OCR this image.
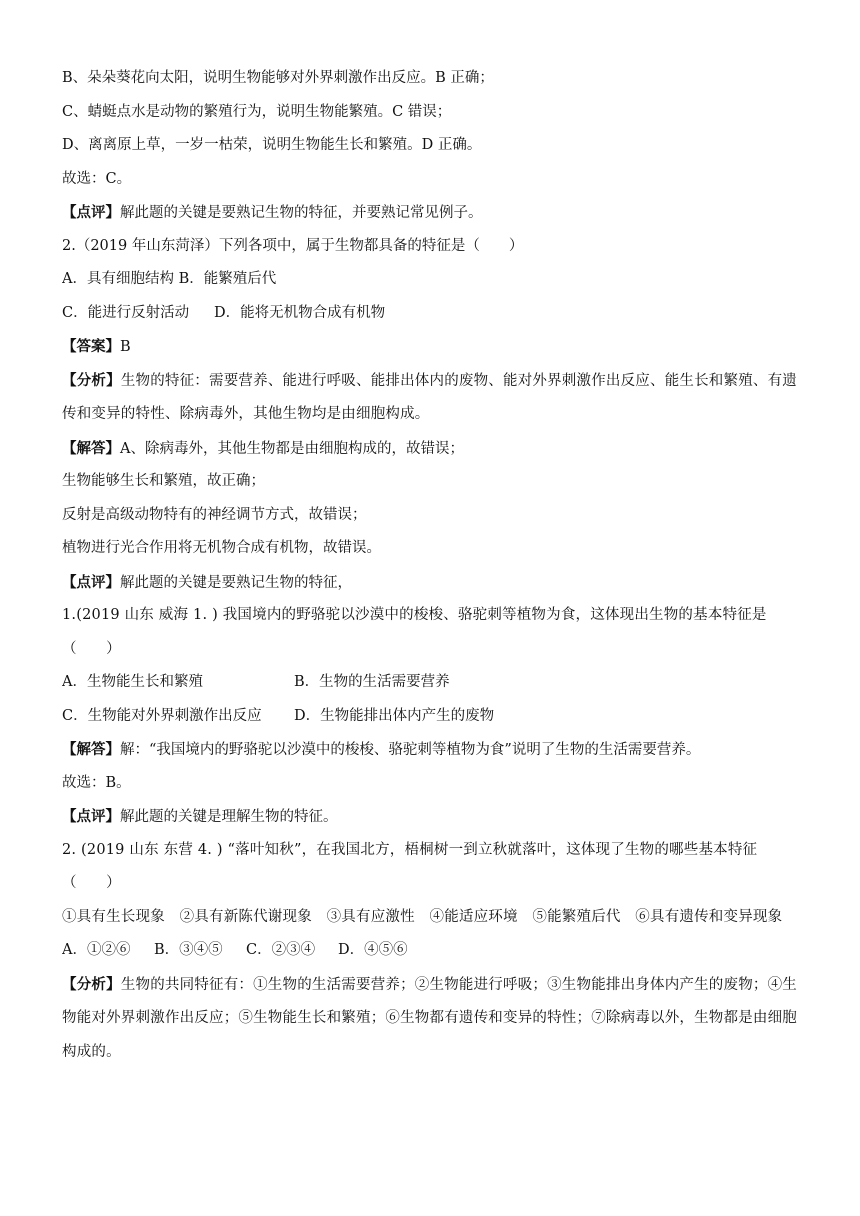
B、朵朵葵花向太阳，说明生物能够对外界刺激作出反应。B 正确；
C、蜻蜓点水是动物的繁殖行为，说明生物能繁殖。C 错误；
D、离离原上草，一岁一枯荣，说明生物能生长和繁殖。D 正确。
故选：C。
【点评】解此题的关键是要熟记生物的特征，并要熟记常见例子。
2.（2019 年山东菏泽）下列各项中，属于生物都具备的特征是（　　）
A．具有细胞结构 B．能繁殖后代
C．能进行反射活动	D．能将无机物合成有机物
【答案】B
【分析】生物的特征：需要营养、能进行呼吸、能排出体内的废物、能对外界刺激作出反应、能生长和繁殖、有遗传和变异的特性、除病毒外，其他生物均是由细胞构成。
【解答】A、除病毒外，其他生物都是由细胞构成的，故错误；
生物能够生长和繁殖，故正确；
反射是高级动物特有的神经调节方式，故错误；
植物进行光合作用将无机物合成有机物，故错误。
【点评】解此题的关键是要熟记生物的特征，
1.(2019 山东 威海 1. ) 我国境内的野骆驼以沙漠中的梭梭、骆驼刺等植物为食，这体现出生物的基本特征是（　　）
A．生物能生长和繁殖	B．生物的生活需要营养
C．生物能对外界刺激作出反应	D．生物能排出体内产生的废物
【解答】解：“我国境内的野骆驼以沙漠中的梭梭、骆驼刺等植物为食”说明了生物的生活需要营养。
故选：B。
【点评】解此题的关键是理解生物的特征。
2. (2019 山东 东营 4. ) “落叶知秋”，在我国北方，梧桐树一到立秋就落叶，这体现了生物的哪些基本特征（　　）
①具有生长现象　②具有新陈代谢现象　③具有应激性　④能适应环境　⑤能繁殖后代　⑥具有遗传和变异现象
A．①②⑥	B．③④⑤	C．②③④	D．④⑤⑥
【分析】生物的共同特征有：①生物的生活需要营养；②生物能进行呼吸；③生物能排出身体内产生的废物；④生物能对外界刺激作出反应；⑤生物能生长和繁殖；⑥生物都有遗传和变异的特性；⑦除病毒以外，生物都是由细胞构成的。
